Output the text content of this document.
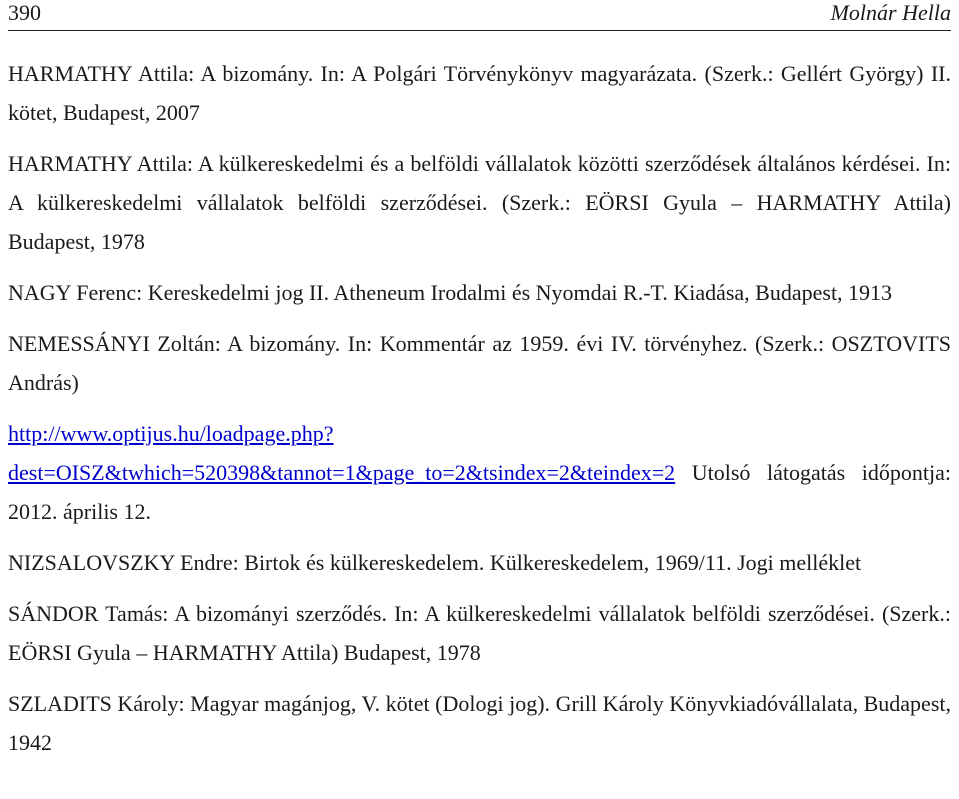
390	Molnár Hella

HARMATHY Attila: A bizomány. In: A Polgári Törvénykönyv magyarázata. (Szerk.: Gellért György) II. kötet, Budapest, 2007

HARMATHY Attila: A külkereskedelmi és a belföldi vállalatok közötti szerződések általános kérdései. In: A külkereskedelmi vállalatok belföldi szerződései. (Szerk.: EÖRSI Gyula – HARMATHY Attila) Budapest, 1978

NAGY Ferenc: Kereskedelmi jog II. Atheneum Irodalmi és Nyomdai R.-T. Kiadása, Budapest, 1913

NEMESSÁNYI Zoltán: A bizomány. In: Kommentár az 1959. évi IV. törvényhez. (Szerk.: OSZTOVITS András)

http://www.optijus.hu/loadpage.php?dest=OISZ&twhich=520398&tannot=1&page_to=2&tsindex=2&teindex=2 Utolsó látogatás időpontja: 2012. április 12.

NIZSALOVSZKY Endre: Birtok és külkereskedelem. Külkereskedelem, 1969/11. Jogi melléklet

SÁNDOR Tamás: A bizományi szerződés. In: A külkereskedelmi vállalatok belföldi szerződései. (Szerk.: EÖRSI Gyula – HARMATHY Attila) Budapest, 1978

SZLADITS Károly: Magyar magánjog, V. kötet (Dologi jog). Grill Károly Könyvkiadóvállalata, Budapest, 1942
